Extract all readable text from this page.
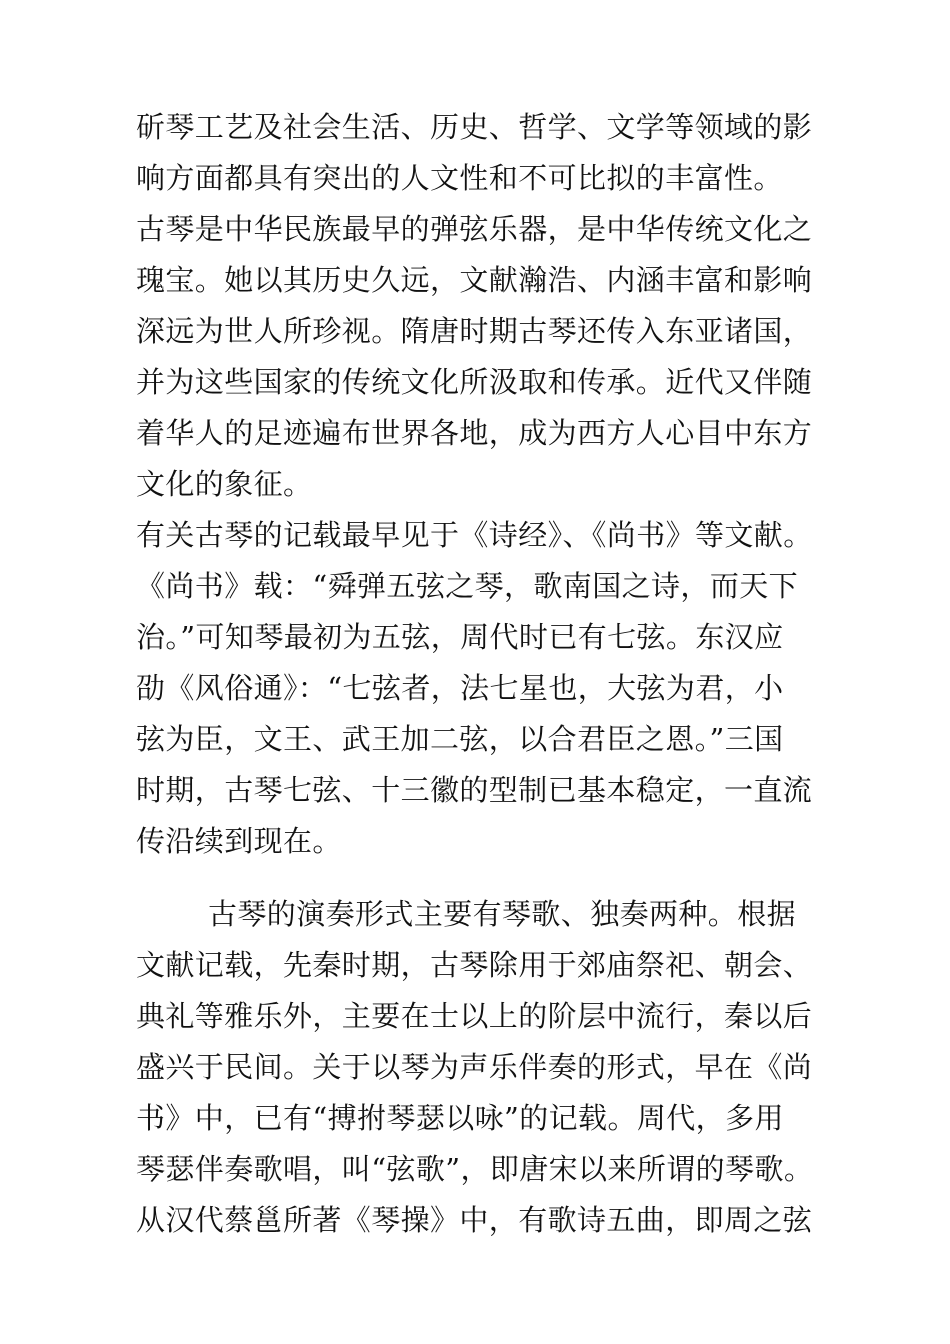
斫琴工艺及社会生活、历史、哲学、文学等领域的影
响方面都具有突出的人文性和不可比拟的丰富性。
古琴是中华民族最早的弹弦乐器，是中华传统文化之
瑰宝。她以其历史久远，文献瀚浩、内涵丰富和影响
深远为世人所珍视。隋唐时期古琴还传入东亚诸国，
并为这些国家的传统文化所汲取和传承。近代又伴随
着华人的足迹遍布世界各地，成为西方人心目中东方
文化的象征。
有关古琴的记载最早见于《诗经》、《尚书》等文献。
《尚书》载：“舜弹五弦之琴，歌南国之诗，而天下
治。”可知琴最初为五弦，周代时已有七弦。东汉应
劭《风俗通》：“七弦者，法七星也，大弦为君，小
弦为臣，文王、武王加二弦，以合君臣之恩。”三国
时期，古琴七弦、十三徽的型制已基本稳定，一直流
传沿续到现在。
古琴的演奏形式主要有琴歌、独奏两种。根据
文献记载，先秦时期，古琴除用于郊庙祭祀、朝会、
典礼等雅乐外，主要在士以上的阶层中流行，秦以后
盛兴于民间。关于以琴为声乐伴奏的形式，早在《尚
书》中，已有“搏拊琴瑟以咏”的记载。周代，多用
琴瑟伴奏歌唱，叫“弦歌”，即唐宋以来所谓的琴歌。
从汉代蔡邕所著《琴操》中，有歌诗五曲，即周之弦
